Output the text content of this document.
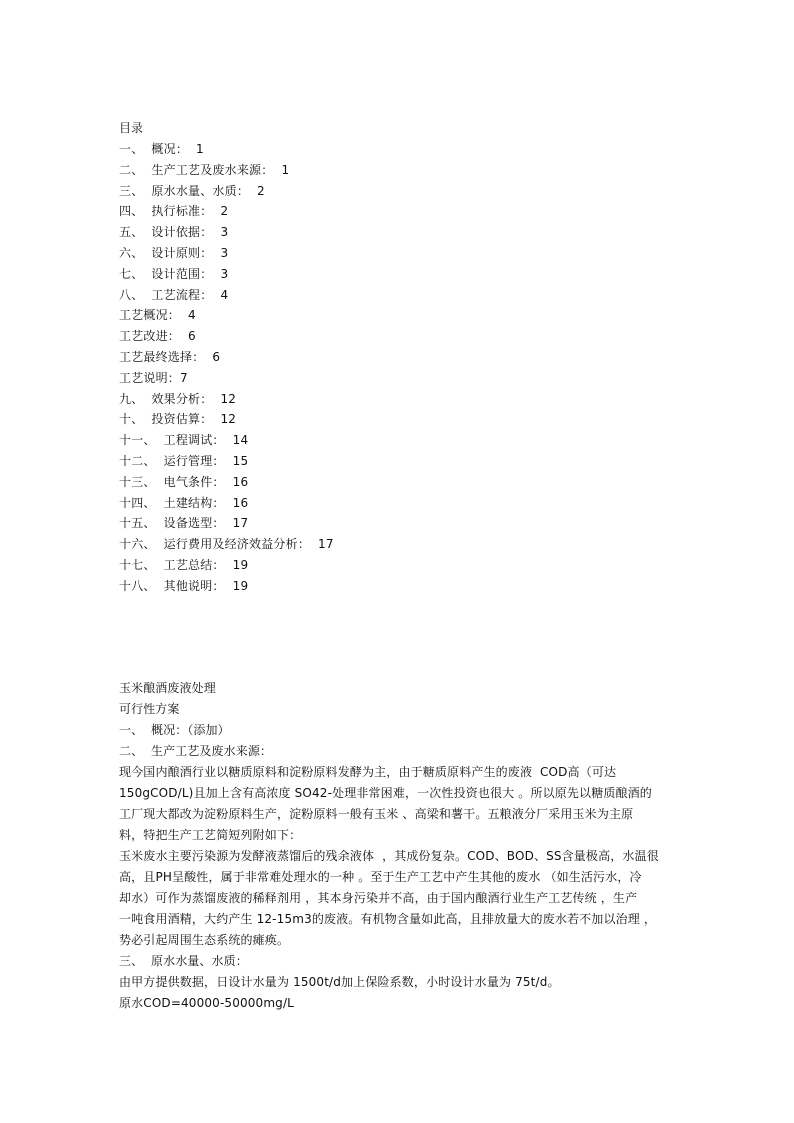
目录
一、  概况：  1
二、  生产工艺及废水来源：  1
三、  原水水量、水质：  2
四、  执行标准：  2
五、  设计依据：  3
六、  设计原则：  3
七、  设计范围：  3
八、  工艺流程：  4
工艺概况：  4
工艺改进：  6
工艺最终选择：  6
工艺说明：7
九、  效果分析：  12
十、  投资估算：  12
十一、  工程调试：  14
十二、  运行管理：  15
十三、  电气条件：  16
十四、  土建结构：  16
十五、  设备选型：  17
十六、  运行费用及经济效益分析：  17
十七、  工艺总结：  19
十八、  其他说明：  19
玉米酿酒废液处理
可行性方案
一、  概况：（添加）
二、  生产工艺及废水来源：
现今国内酿酒行业以糖质原料和淀粉原料发酵为主，由于糖质原料产生的废液  COD高（可达
150gCOD/L)且加上含有高浓度 SO42-处理非常困难，一次性投资也很大 。所以原先以糖质酿酒的
工厂现大都改为淀粉原料生产，淀粉原料一般有玉米 、高梁和薯干。五粮液分厂采用玉米为主原
料，特把生产工艺简短列附如下：
玉米废水主要污染源为发酵液蒸馏后的残余液体  ，其成份复杂。COD、BOD、SS含量极高，水温很
高，且PH呈酸性，属于非常难处理水的一种 。至于生产工艺中产生其他的废水 （如生活污水，冷
却水）可作为蒸馏废液的稀释剂用 ，其本身污染并不高，由于国内酿酒行业生产工艺传统 ，生产
一吨食用酒精，大约产生 12-15m3的废液。有机物含量如此高，且排放量大的废水若不加以治理 ，
势必引起周围生态系统的瘫痪。
三、  原水水量、水质：
由甲方提供数据，日设计水量为 1500t/d加上保险系数，小时设计水量为 75t/d。
原水COD=40000-50000mg/L
